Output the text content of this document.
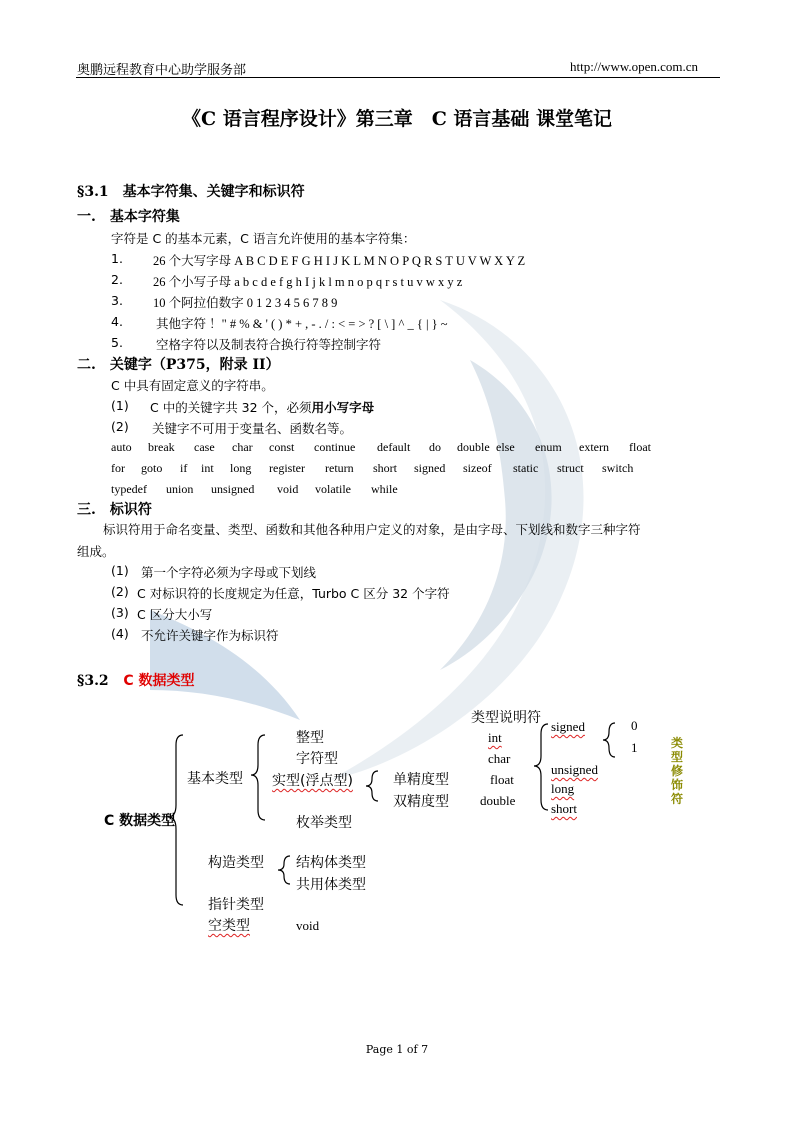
奥鹏远程教育中心助学服务部	http://www.open.com.cn
《C 语言程序设计》第三章　C 语言基础 课堂笔记
§3.1　基本字符集、关键字和标识符
一.　基本字符集
字符是 C 的基本元素，C 语言允许使用的基本字符集：
1. 26 个大写字母 A B C D E F G H I J K L M N O P Q R S T U V W X Y Z
2. 26 个小写子母 a b c d e f g h I j k l m n o p q r s t u v w x y z
3. 10 个阿拉伯数字 0 1 2 3 4 5 6 7 8 9
4.	其他字符 ！" # % & ' ( ) * + , - . / : < = > ? [ \ ] ^ _ { | } ~
5.	空格字符以及制表符合换行符等控制字符
二.　关键字（P375，附录 II）
C 中具有固定意义的字符串。
(1) C 中的关键字共 32 个，必须用小写字母
(2) 关键字不可用于变量名、函数名等。
auto break case char const continue default do double else enum extern float
for goto if int long register return short signed sizeof static struct switch
typedef union unsigned void volatile while
三.　标识符
标识符用于命名变量、类型、函数和其他各种用户定义的对象，是由字母、下划线和数字三种字符
组成。
(1) 第一个字符必须为字母或下划线
(2) C 对标识符的长度规定为任意，Turbo C 区分 32 个字符
(3) C 区分大小写
(4) 不允许关键字作为标识符
§3.2 C 数据类型
C 数据类型
基本类型
整型
字符型
实型(浮点型)	单精度型
双精度型
枚举类型
构造类型 结构体类型
共用体类型
指针类型
空类型	void
类型说明符
int
char
float
double
signed
unsigned
long
short
0
1	类型修饰符
Page 1 of 7
